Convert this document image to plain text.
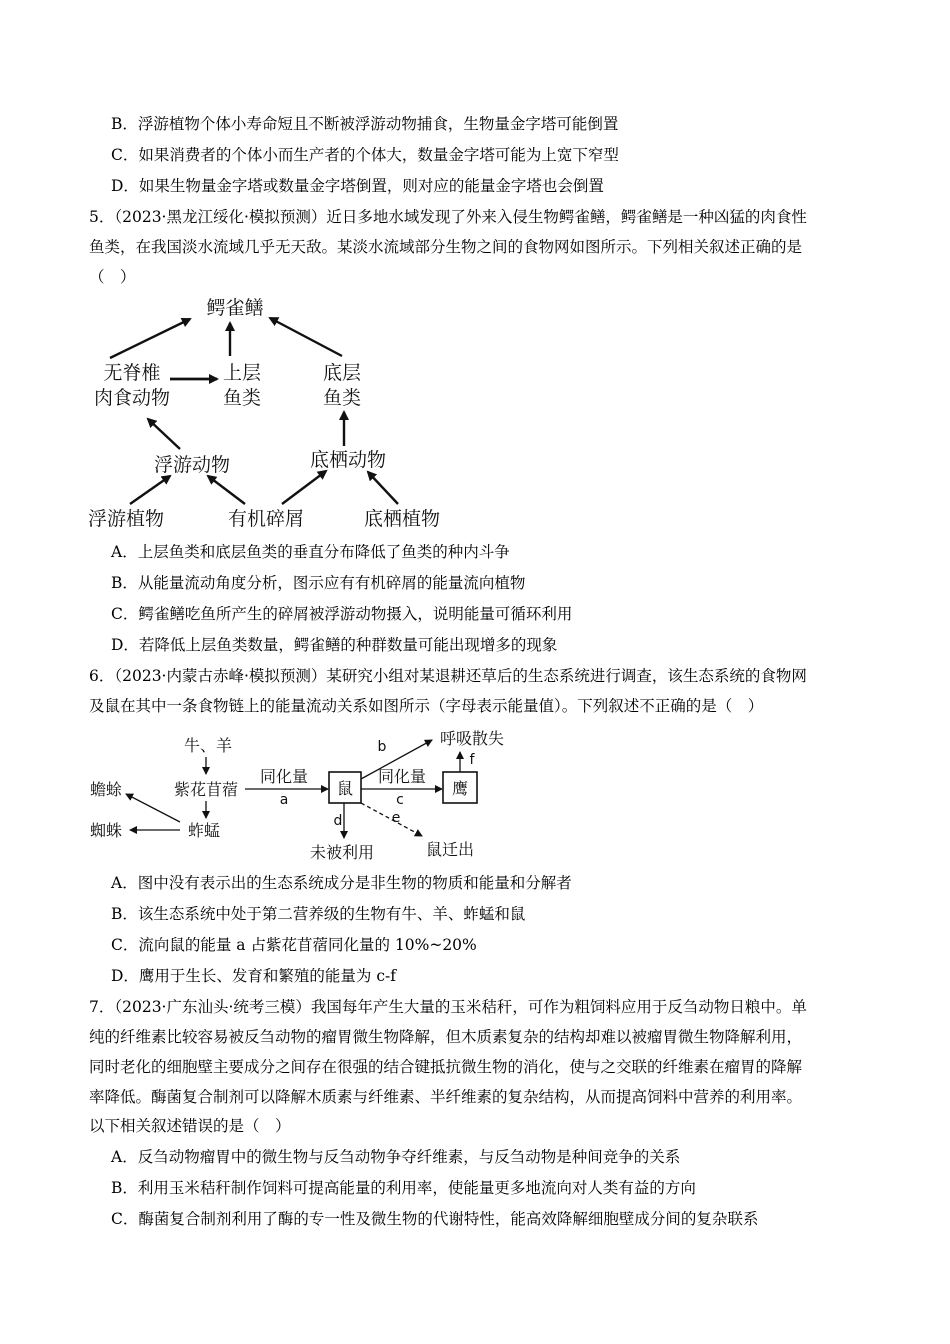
B．浮游植物个体小寿命短且不断被浮游动物捕食，生物量金字塔可能倒置
C．如果消费者的个体小而生产者的个体大，数量金字塔可能为上宽下窄型
D．如果生物量金字塔或数量金字塔倒置，则对应的能量金字塔也会倒置
5．（2023·黑龙江绥化·模拟预测）近日多地水域发现了外来入侵生物鳄雀鳝，鳄雀鳝是一种凶猛的肉食性
鱼类，在我国淡水流域几乎无天敌。某淡水流域部分生物之间的食物网如图所示。下列相关叙述正确的是
（　）
鳄雀鳝
无脊椎
肉食动物
上层
鱼类
底层
鱼类
浮游动物	底栖动物
浮游植物	有机碎屑	底栖植物
A．上层鱼类和底层鱼类的垂直分布降低了鱼类的种内斗争
B．从能量流动角度分析，图示应有有机碎屑的能量流向植物
C．鳄雀鳝吃鱼所产生的碎屑被浮游动物摄入，说明能量可循环利用
D．若降低上层鱼类数量，鳄雀鳝的种群数量可能出现增多的现象
6．（2023·内蒙古赤峰·模拟预测）某研究小组对某退耕还草后的生态系统进行调查，该生态系统的食物网
及鼠在其中一条食物链上的能量流动关系如图所示（字母表示能量值）。下列叙述不正确的是（　）
牛、羊
紫花苜蓿
蟾蜍
蜘蛛	蚱蜢
同化量
a
鼠
同化量
c
鹰
b	呼吸散失
f
d
未被利用
e
鼠迁出
A．图中没有表示出的生态系统成分是非生物的物质和能量和分解者
B．该生态系统中处于第二营养级的生物有牛、羊、蚱蜢和鼠
C．流向鼠的能量 a 占紫花苜蓿同化量的 10%~20%
D．鹰用于生长、发育和繁殖的能量为 c-f
7．（2023·广东汕头·统考三模）我国每年产生大量的玉米秸秆，可作为粗饲料应用于反刍动物日粮中。单
纯的纤维素比较容易被反刍动物的瘤胃微生物降解，但木质素复杂的结构却难以被瘤胃微生物降解利用，
同时老化的细胞壁主要成分之间存在很强的结合键抵抗微生物的消化，使与之交联的纤维素在瘤胃的降解
率降低。酶菌复合制剂可以降解木质素与纤维素、半纤维素的复杂结构，从而提高饲料中营养的利用率。
以下相关叙述错误的是（　）
A．反刍动物瘤胃中的微生物与反刍动物争夺纤维素，与反刍动物是种间竞争的关系
B．利用玉米秸秆制作饲料可提高能量的利用率，使能量更多地流向对人类有益的方向
C．酶菌复合制剂利用了酶的专一性及微生物的代谢特性，能高效降解细胞壁成分间的复杂联系
